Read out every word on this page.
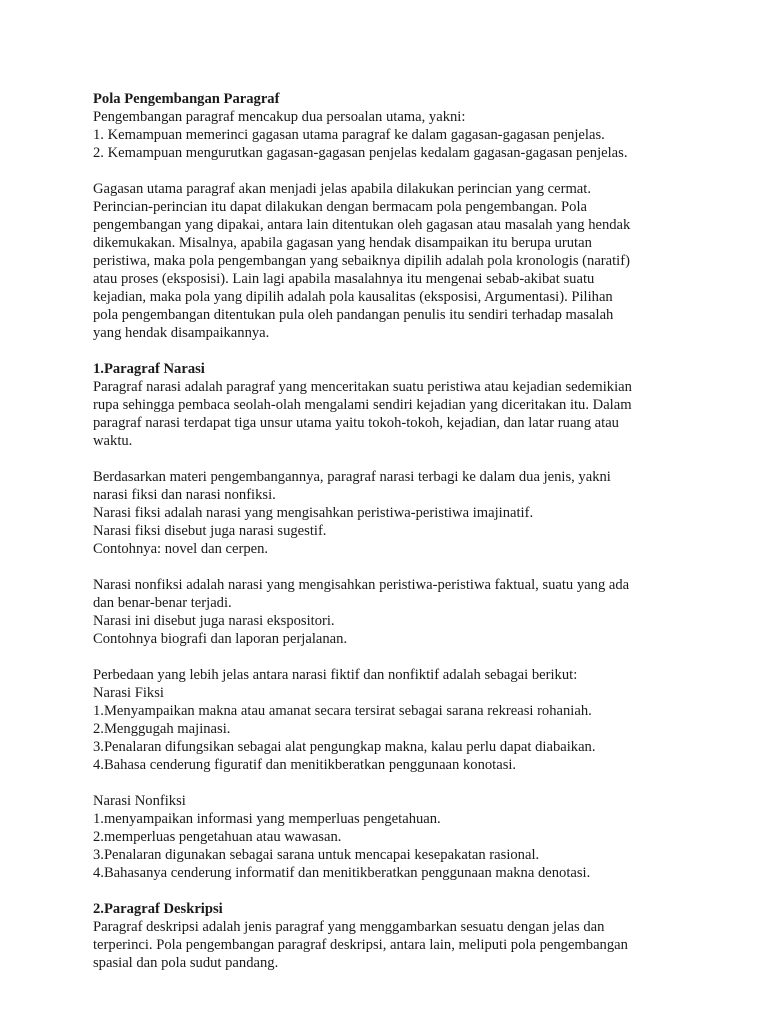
Pola Pengembangan Paragraf
Pengembangan paragraf mencakup dua persoalan utama, yakni:
1. Kemampuan memerinci gagasan utama paragraf ke dalam gagasan-gagasan penjelas.
2. Kemampuan mengurutkan gagasan-gagasan penjelas kedalam gagasan-gagasan penjelas.
Gagasan utama paragraf akan menjadi jelas apabila dilakukan perincian yang cermat.
Perincian-perincian itu dapat dilakukan dengan bermacam pola pengembangan. Pola
pengembangan yang dipakai, antara lain ditentukan oleh gagasan atau masalah yang hendak
dikemukakan. Misalnya, apabila gagasan yang hendak disampaikan itu berupa urutan
peristiwa, maka pola pengembangan yang sebaiknya dipilih adalah pola kronologis (naratif)
atau proses (eksposisi). Lain lagi apabila masalahnya itu mengenai sebab-akibat suatu
kejadian, maka pola yang dipilih adalah pola kausalitas (eksposisi, Argumentasi). Pilihan
pola pengembangan ditentukan pula oleh pandangan penulis itu sendiri terhadap masalah
yang hendak disampaikannya.
1.Paragraf Narasi
Paragraf narasi adalah paragraf yang menceritakan suatu peristiwa atau kejadian sedemikian
rupa sehingga pembaca seolah-olah mengalami sendiri kejadian yang diceritakan itu. Dalam
paragraf narasi terdapat tiga unsur utama yaitu tokoh-tokoh, kejadian, dan latar ruang atau
waktu.
Berdasarkan materi pengembangannya, paragraf narasi terbagi ke dalam dua jenis, yakni
narasi fiksi dan narasi nonfiksi.
Narasi fiksi adalah narasi yang mengisahkan peristiwa-peristiwa imajinatif.
Narasi fiksi disebut juga narasi sugestif.
Contohnya: novel dan cerpen.
Narasi nonfiksi adalah narasi yang mengisahkan peristiwa-peristiwa faktual, suatu yang ada
dan benar-benar terjadi.
Narasi ini disebut juga narasi ekspositori.
Contohnya biografi dan laporan perjalanan.
Perbedaan yang lebih jelas antara narasi fiktif dan nonfiktif adalah sebagai berikut:
Narasi Fiksi
1.Menyampaikan makna atau amanat secara tersirat sebagai sarana rekreasi rohaniah.
2.Menggugah majinasi.
3.Penalaran difungsikan sebagai alat pengungkap makna, kalau perlu dapat diabaikan.
4.Bahasa cenderung figuratif dan menitikberatkan penggunaan konotasi.
Narasi Nonfiksi
1.menyampaikan informasi yang memperluas pengetahuan.
2.memperluas pengetahuan atau wawasan.
3.Penalaran digunakan sebagai sarana untuk mencapai kesepakatan rasional.
4.Bahasanya cenderung informatif dan menitikberatkan penggunaan makna denotasi.
2.Paragraf Deskripsi
Paragraf deskripsi adalah jenis paragraf yang menggambarkan sesuatu dengan jelas dan
terperinci. Pola pengembangan paragraf deskripsi, antara lain, meliputi pola pengembangan
spasial dan pola sudut pandang.
